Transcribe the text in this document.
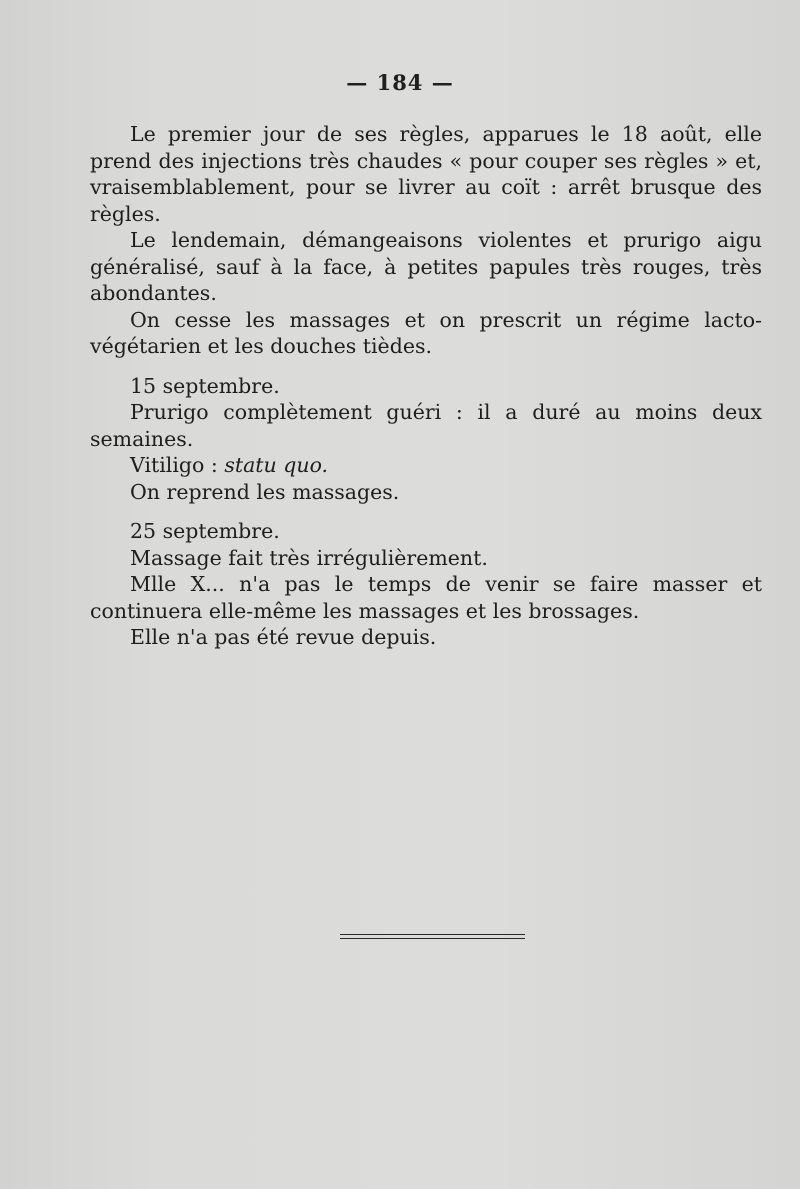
— 184 —

Le premier jour de ses règles, apparues le 18 août, elle prend des injections très chaudes « pour couper ses règles » et, vraisemblablement, pour se livrer au coït : arrêt brusque des règles.

Le lendemain, démangeaisons violentes et prurigo aigu généralisé, sauf à la face, à petites papules très rouges, très abondantes.

On cesse les massages et on prescrit un régime lacto-végétarien et les douches tièdes.

15 septembre.

Prurigo complètement guéri : il a duré au moins deux semaines.

Vitiligo : statu quo.

On reprend les massages.

25 septembre.

Massage fait très irrégulièrement.

Mlle X... n'a pas le temps de venir se faire masser et continuera elle-même les massages et les brossages.

Elle n'a pas été revue depuis.
